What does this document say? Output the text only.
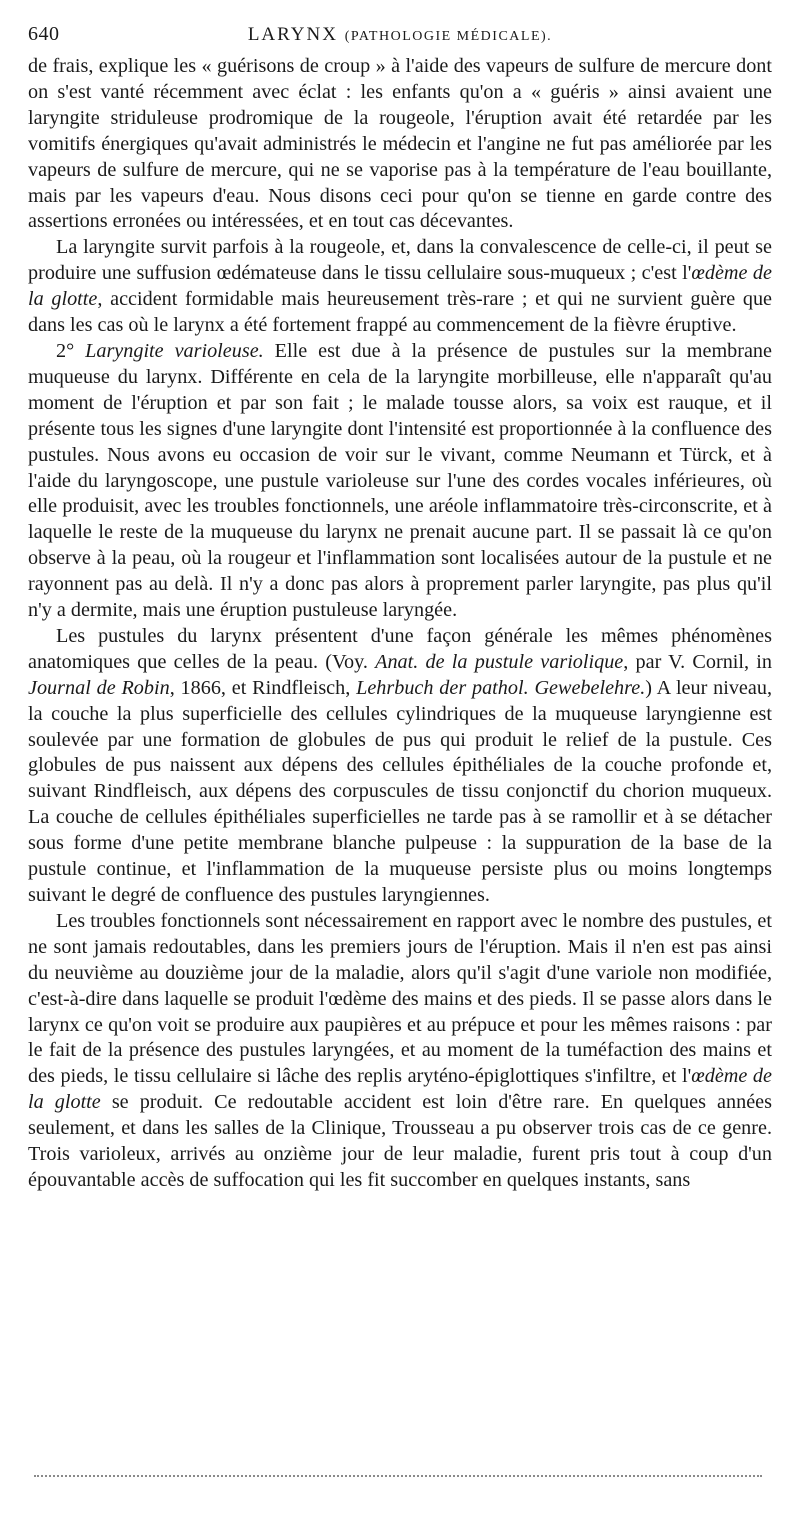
640	LARYNX (PATHOLOGIE MÉDICALE).

de frais, explique les « guérisons de croup » à l'aide des vapeurs de sulfure de mercure dont on s'est vanté récemment avec éclat : les enfants qu'on a « guéris » ainsi avaient une laryngite striduleuse prodromique de la rougeole, l'éruption avait été retardée par les vomitifs énergiques qu'avait administrés le médecin et l'angine ne fut pas améliorée par les vapeurs de sulfure de mercure, qui ne se vaporise pas à la température de l'eau bouillante, mais par les vapeurs d'eau. Nous disons ceci pour qu'on se tienne en garde contre des assertions erronées ou intéressées, et en tout cas décevantes.

La laryngite survit parfois à la rougeole, et, dans la convalescence de celle-ci, il peut se produire une suffusion œdémateuse dans le tissu cellulaire sous-muqueux ; c'est l'œdème de la glotte, accident formidable mais heureusement très-rare ; et qui ne survient guère que dans les cas où le larynx a été fortement frappé au commencement de la fièvre éruptive.

2° Laryngite varioleuse. Elle est due à la présence de pustules sur la membrane muqueuse du larynx. Différente en cela de la laryngite morbilleuse, elle n'apparaît qu'au moment de l'éruption et par son fait ; le malade tousse alors, sa voix est rauque, et il présente tous les signes d'une laryngite dont l'intensité est proportionnée à la confluence des pustules. Nous avons eu occasion de voir sur le vivant, comme Neumann et Türck, et à l'aide du laryngoscope, une pustule varioleuse sur l'une des cordes vocales inférieures, où elle produisit, avec les troubles fonctionnels, une aréole inflammatoire très-circonscrite, et à laquelle le reste de la muqueuse du larynx ne prenait aucune part. Il se passait là ce qu'on observe à la peau, où la rougeur et l'inflammation sont localisées autour de la pustule et ne rayonnent pas au delà. Il n'y a donc pas alors à proprement parler laryngite, pas plus qu'il n'y a dermite, mais une éruption pustuleuse laryngée.

Les pustules du larynx présentent d'une façon générale les mêmes phénomènes anatomiques que celles de la peau. (Voy. Anat. de la pustule variolique, par V. Cornil, in Journal de Robin, 1866, et Rindfleisch, Lehrbuch der pathol. Gewebelehre.) A leur niveau, la couche la plus superficielle des cellules cylindriques de la muqueuse laryngienne est soulevée par une formation de globules de pus qui produit le relief de la pustule. Ces globules de pus naissent aux dépens des cellules épithéliales de la couche profonde et, suivant Rindfleisch, aux dépens des corpuscules de tissu conjonctif du chorion muqueux. La couche de cellules épithéliales superficielles ne tarde pas à se ramollir et à se détacher sous forme d'une petite membrane blanche pulpeuse : la suppuration de la base de la pustule continue, et l'inflammation de la muqueuse persiste plus ou moins longtemps suivant le degré de confluence des pustules laryngiennes.

Les troubles fonctionnels sont nécessairement en rapport avec le nombre des pustules, et ne sont jamais redoutables, dans les premiers jours de l'éruption. Mais il n'en est pas ainsi du neuvième au douzième jour de la maladie, alors qu'il s'agit d'une variole non modifiée, c'est-à-dire dans laquelle se produit l'œdème des mains et des pieds. Il se passe alors dans le larynx ce qu'on voit se produire aux paupières et au prépuce et pour les mêmes raisons : par le fait de la présence des pustules laryngées, et au moment de la tuméfaction des mains et des pieds, le tissu cellulaire si lâche des replis aryténo-épiglottiques s'infiltre, et l'œdème de la glotte se produit. Ce redoutable accident est loin d'être rare. En quelques années seulement, et dans les salles de la Clinique, Trousseau a pu observer trois cas de ce genre. Trois varioleux, arrivés au onzième jour de leur maladie, furent pris tout à coup d'un épouvantable accès de suffocation qui les fit succomber en quelques instants, sans
